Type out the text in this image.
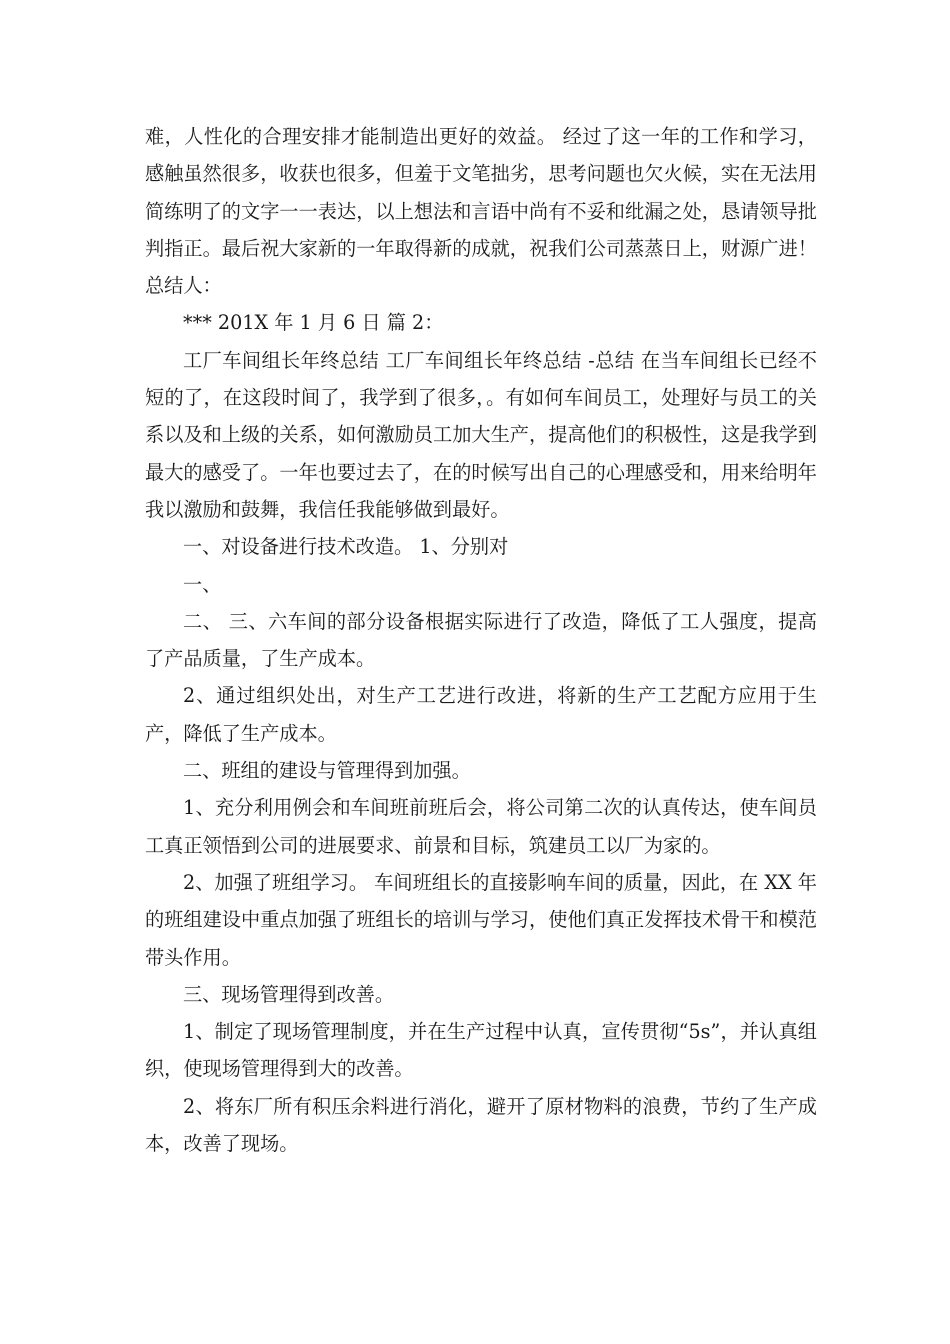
难，人性化的合理安排才能制造出更好的效益。 经过了这一年的工作和学习，感触虽然很多，收获也很多，但羞于文笔拙劣，思考问题也欠火候，实在无法用简练明了的文字一一表达，以上想法和言语中尚有不妥和纰漏之处，恳请领导批判指正。最后祝大家新的一年取得新的成就，祝我们公司蒸蒸日上，财源广进！ 总结人：

*** 201X 年 1 月 6 日 篇 2：

工厂车间组长年终总结 工厂车间组长年终总结 -总结 在当车间组长已经不短的了，在这段时间了，我学到了很多，。有如何车间员工，处理好与员工的关系以及和上级的关系，如何激励员工加大生产，提高他们的积极性，这是我学到最大的感受了。一年也要过去了，在的时候写出自己的心理感受和，用来给明年我以激励和鼓舞，我信任我能够做到最好。

一、对设备进行技术改造。 1、分别对

一、

二、 三、六车间的部分设备根据实际进行了改造，降低了工人强度，提高了产品质量，了生产成本。

2、通过组织处出，对生产工艺进行改进，将新的生产工艺配方应用于生产，降低了生产成本。

二、班组的建设与管理得到加强。

1、充分利用例会和车间班前班后会，将公司第二次的认真传达，使车间员工真正领悟到公司的进展要求、前景和目标，筑建员工以厂为家的。

2、加强了班组学习。 车间班组长的直接影响车间的质量，因此，在 XX 年的班组建设中重点加强了班组长的培训与学习，使他们真正发挥技术骨干和模范带头作用。

三、现场管理得到改善。

1、制定了现场管理制度，并在生产过程中认真，宣传贯彻“5s”，并认真组织，使现场管理得到大的改善。

2、将东厂所有积压余料进行消化，避开了原材物料的浪费，节约了生产成本，改善了现场。
